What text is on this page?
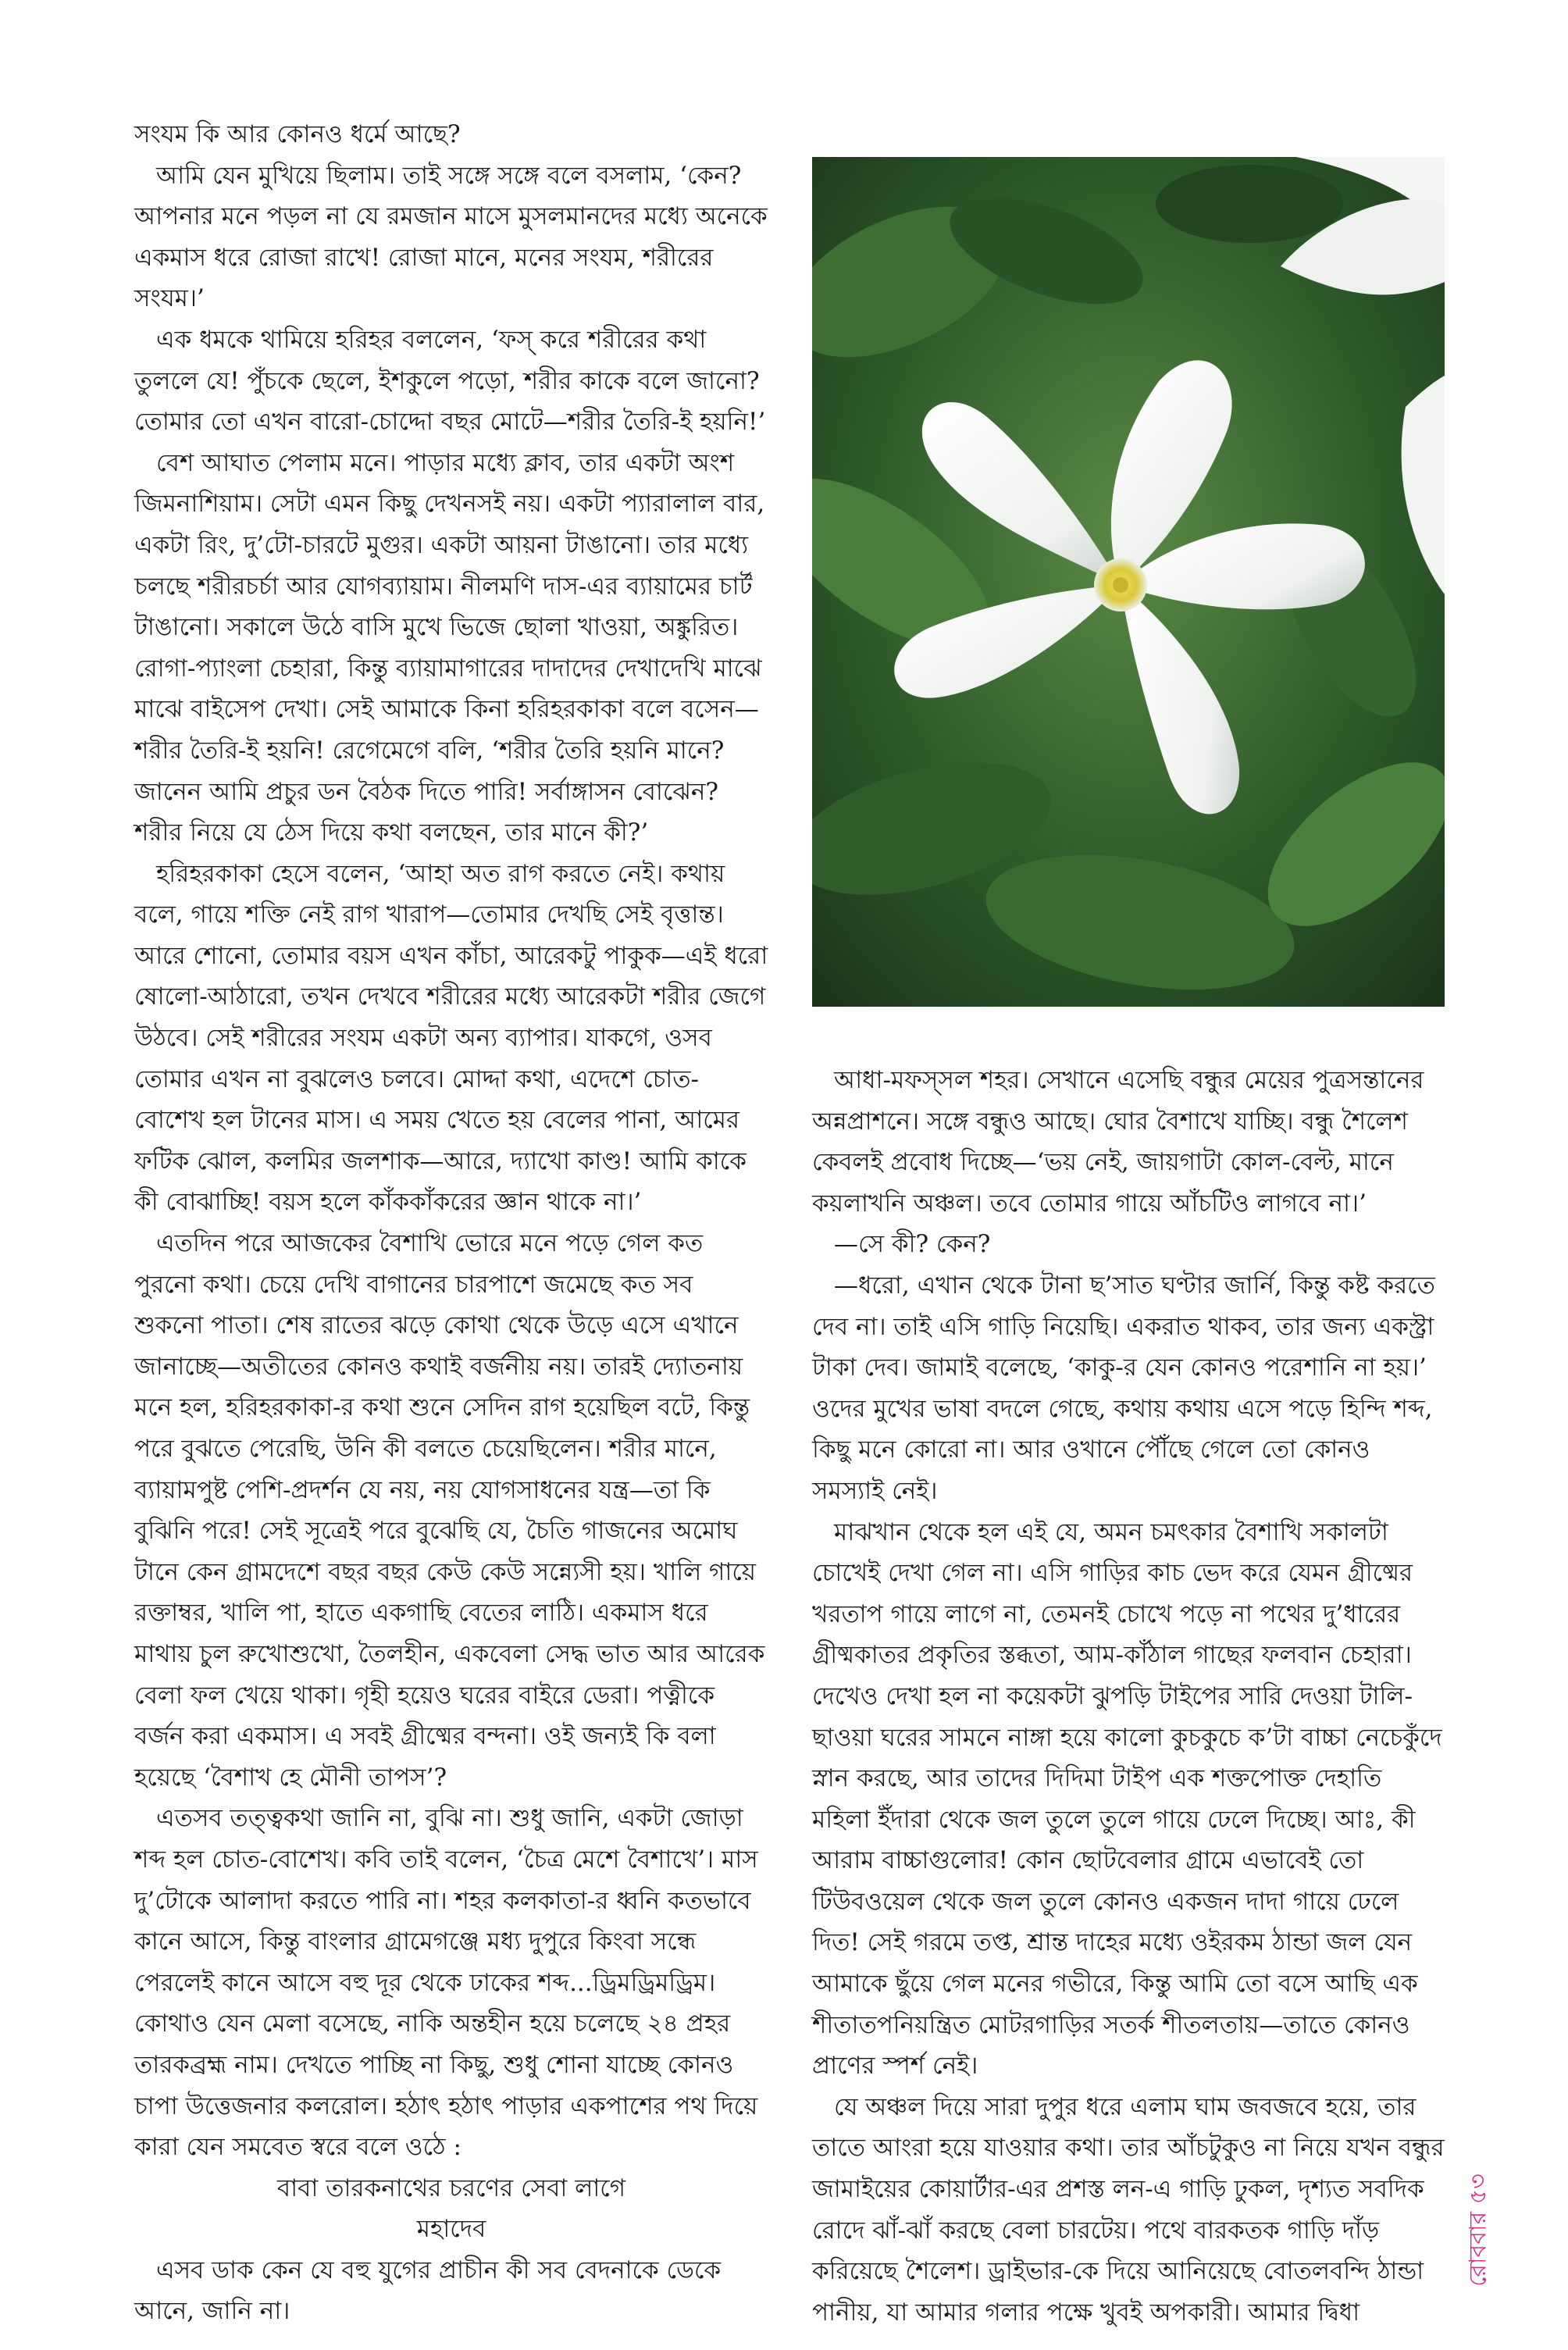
সংযম কি আর কোনও ধর্মে আছে?

আমি যেন মুখিয়ে ছিলাম। তাই সঙ্গে সঙ্গে বলে বসলাম, ‘কেন? আপনার মনে পড়ল না যে রমজান মাসে মুসলমানদের মধ্যে অনেকে একমাস ধরে রোজা রাখে! রোজা মানে, মনের সংযম, শরীরের সংযম।’

এক ধমকে থামিয়ে হরিহর বললেন, ‘ফস্‌ করে শরীরের কথা তুললে যে! পুঁচকে ছেলে, ইশকুলে পড়ো, শরীর কাকে বলে জানো? তোমার তো এখন বারো-চোদ্দো বছর মোটে—শরীর তৈরি-ই হয়নি!’

বেশ আঘাত পেলাম মনে। পাড়ার মধ্যে ক্লাব, তার একটা অংশ জিমনাশিয়াম। সেটা এমন কিছু দেখনসই নয়। একটা প্যারালাল বার, একটা রিং, দু’টো-চারটে মুগুর। একটা আয়না টাঙানো। তার মধ্যে চলছে শরীরচর্চা আর যোগব্যায়াম। নীলমণি দাস-এর ব্যায়ামের চার্ট টাঙানো। সকালে উঠে বাসি মুখে ভিজে ছোলা খাওয়া, অঙ্কুরিত। রোগা-প্যাংলা চেহারা, কিন্তু ব্যায়ামাগারের দাদাদের দেখাদেখি মাঝে মাঝে বাইসেপ দেখা। সেই আমাকে কিনা হরিহরকাকা বলে বসেন—শরীর তৈরি-ই হয়নি! রেগেমেগে বলি, ‘শরীর তৈরি হয়নি মানে? জানেন আমি প্রচুর ডন বৈঠক দিতে পারি! সর্বাঙ্গাসন বোঝেন? শরীর নিয়ে যে ঠেস দিয়ে কথা বলছেন, তার মানে কী?’

হরিহরকাকা হেসে বলেন, ‘আহা অত রাগ করতে নেই। কথায় বলে, গায়ে শক্তি নেই রাগ খারাপ—তোমার দেখছি সেই বৃত্তান্ত। আরে শোনো, তোমার বয়স এখন কাঁচা, আরেকটু পাকুক—এই ধরো ষোলো-আঠারো, তখন দেখবে শরীরের মধ্যে আরেকটা শরীর জেগে উঠবে। সেই শরীরের সংযম একটা অন্য ব্যাপার। যাকগে, ওসব তোমার এখন না বুঝলেও চলবে। মোদ্দা কথা, এদেশে চোত-বোশেখ হল টানের মাস। এ সময় খেতে হয় বেলের পানা, আমের ফটিক ঝোল, কলমির জলশাক—আরে, দ্যাখো কাণ্ড! আমি কাকে কী বোঝাচ্ছি! বয়স হলে কাঁককাঁকরের জ্ঞান থাকে না।’

এতদিন পরে আজকের বৈশাখি ভোরে মনে পড়ে গেল কত পুরনো কথা। চেয়ে দেখি বাগানের চারপাশে জমেছে কত সব শুকনো পাতা। শেষ রাতের ঝড়ে কোথা থেকে উড়ে এসে এখানে জানাচ্ছে—অতীতের কোনও কথাই বর্জনীয় নয়। তারই দ্যোতনায় মনে হল, হরিহরকাকা-র কথা শুনে সেদিন রাগ হয়েছিল বটে, কিন্তু পরে বুঝতে পেরেছি, উনি কী বলতে চেয়েছিলেন। শরীর মানে, ব্যায়ামপুষ্ট পেশি-প্রদর্শন যে নয়, নয় যোগসাধনের যন্ত্র—তা কি বুঝিনি পরে! সেই সূত্রেই পরে বুঝেছি যে, চৈতি গাজনের অমোঘ টানে কেন গ্রামদেশে বছর বছর কেউ কেউ সন্ন্যেসী হয়। খালি গায়ে রক্তাম্বর, খালি পা, হাতে একগাছি বেতের লাঠি। একমাস ধরে মাথায় চুল রুখোশুখো, তৈলহীন, একবেলা সেদ্ধ ভাত আর আরেক বেলা ফল খেয়ে থাকা। গৃহী হয়েও ঘরের বাইরে ডেরা। পত্নীকে বর্জন করা একমাস। এ সবই গ্রীষ্মের বন্দনা। ওই জন্যই কি বলা হয়েছে ‘বৈশাখ হে মৌনী তাপস’?

এতসব তত্ত্বকথা জানি না, বুঝি না। শুধু জানি, একটা জোড়া শব্দ হল চোত-বোশেখ। কবি তাই বলেন, ‘চৈত্র মেশে বৈশাখে’। মাস দু’টোকে আলাদা করতে পারি না। শহর কলকাতা-র ধ্বনি কতভাবে কানে আসে, কিন্তু বাংলার গ্রামেগঞ্জে মধ্য দুপুরে কিংবা সন্ধে পেরলেই কানে আসে বহু দূর থেকে ঢাকের শব্দ...ড্রিমড্রিমড্রিম। কোথাও যেন মেলা বসেছে, নাকি অন্তহীন হয়ে চলেছে ২৪ প্রহর তারকব্রহ্ম নাম। দেখতে পাচ্ছি না কিছু, শুধু শোনা যাচ্ছে কোনও চাপা উত্তেজনার কলরোল। হঠাৎ হঠাৎ পাড়ার একপাশের পথ দিয়ে কারা যেন সমবেত স্বরে বলে ওঠে :

বাবা তারকনাথের চরণের সেবা লাগে

মহাদেব

এসব ডাক কেন যে বহু যুগের প্রাচীন কী সব বেদনাকে ডেকে আনে, জানি না।

আধা-মফস্সল শহর। সেখানে এসেছি বন্ধুর মেয়ের পুত্রসন্তানের অন্নপ্রাশনে। সঙ্গে বন্ধুও আছে। ঘোর বৈশাখে যাচ্ছি। বন্ধু শৈলেশ কেবলই প্রবোধ দিচ্ছে—‘ভয় নেই, জায়গাটা কোল-বেল্ট, মানে কয়লাখনি অঞ্চল। তবে তোমার গায়ে আঁচটিও লাগবে না।’

—সে কী? কেন?

—ধরো, এখান থেকে টানা ছ’সাত ঘণ্টার জার্নি, কিন্তু কষ্ট করতে দেব না। তাই এসি গাড়ি নিয়েছি। একরাত থাকব, তার জন্য একস্ট্রা টাকা দেব। জামাই বলেছে, ‘কাকু-র যেন কোনও পরেশানি না হয়।’ ওদের মুখের ভাষা বদলে গেছে, কথায় কথায় এসে পড়ে হিন্দি শব্দ, কিছু মনে কোরো না। আর ওখানে পৌঁছে গেলে তো কোনও সমস্যাই নেই।

মাঝখান থেকে হল এই যে, অমন চমৎকার বৈশাখি সকালটা চোখেই দেখা গেল না। এসি গাড়ির কাচ ভেদ করে যেমন গ্রীষ্মের খরতাপ গায়ে লাগে না, তেমনই চোখে পড়ে না পথের দু’ধারের গ্রীষ্মকাতর প্রকৃতির স্তব্ধতা, আম-কাঁঠাল গাছের ফলবান চেহারা। দেখেও দেখা হল না কয়েকটা ঝুপড়ি টাইপের সারি দেওয়া টালি-ছাওয়া ঘরের সামনে নাঙ্গা হয়ে কালো কুচকুচে ক’টা বাচ্চা নেচেকুঁদে স্নান করছে, আর তাদের দিদিমা টাইপ এক শক্তপোক্ত দেহাতি মহিলা ইঁদারা থেকে জল তুলে তুলে গায়ে ঢেলে দিচ্ছে। আঃ, কী আরাম বাচ্চাগুলোর! কোন ছোটবেলার গ্রামে এভাবেই তো টিউবওয়েল থেকে জল তুলে কোনও একজন দাদা গায়ে ঢেলে দিত! সেই গরমে তপ্ত, শ্রান্ত দাহের মধ্যে ওইরকম ঠান্ডা জল যেন আমাকে ছুঁয়ে গেল মনের গভীরে, কিন্তু আমি তো বসে আছি এক শীতাতপনিয়ন্ত্রিত মোটরগাড়ির সতর্ক শীতলতায়—তাতে কোনও প্রাণের স্পর্শ নেই।

যে অঞ্চল দিয়ে সারা দুপুর ধরে এলাম ঘাম জবজবে হয়ে, তার তাতে আংরা হয়ে যাওয়ার কথা। তার আঁচটুকুও না নিয়ে যখন বন্ধুর জামাইয়ের কোয়ার্টার-এর প্রশস্ত লন-এ গাড়ি ঢুকল, দৃশ্যত সবদিক রোদে ঝাঁ-ঝাঁ করছে বেলা চারটেয়। পথে বারকতক গাড়ি দাঁড় করিয়েছে শৈলেশ। ড্রাইভার-কে দিয়ে আনিয়েছে বোতলবন্দি ঠান্ডা পানীয়, যা আমার গলার পক্ষে খুবই অপকারী। আমার দ্বিধা

রোববার ৫৩
